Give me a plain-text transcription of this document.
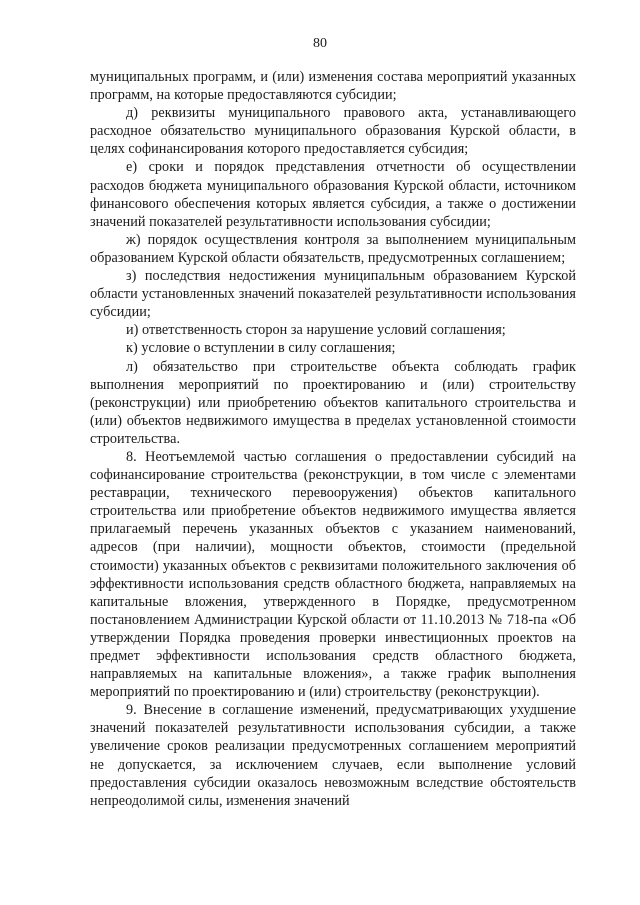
80

муниципальных программ, и (или) изменения состава мероприятий указанных программ, на которые предоставляются субсидии;

д) реквизиты муниципального правового акта, устанавливающего расходное обязательство муниципального образования Курской области, в целях софинансирования которого предоставляется субсидия;

е) сроки и порядок представления отчетности об осуществлении расходов бюджета муниципального образования Курской области, источником финансового обеспечения которых является субсидия, а также о достижении значений показателей результативности использования субсидии;

ж) порядок осуществления контроля за выполнением муниципальным образованием Курской области обязательств, предусмотренных соглашением;

з) последствия недостижения муниципальным образованием Курской области установленных значений показателей результативности использования субсидии;

и) ответственность сторон за нарушение условий соглашения;

к) условие о вступлении в силу соглашения;

л) обязательство при строительстве объекта соблюдать график выполнения мероприятий по проектированию и (или) строительству (реконструкции) или приобретению объектов капитального строительства и (или) объектов недвижимого имущества в пределах установленной стоимости строительства.

8. Неотъемлемой частью соглашения о предоставлении субсидий на софинансирование строительства (реконструкции, в том числе с элементами реставрации, технического перевооружения) объектов капитального строительства или приобретение объектов недвижимого имущества является прилагаемый перечень указанных объектов с указанием наименований, адресов (при наличии), мощности объектов, стоимости (предельной стоимости) указанных объектов с реквизитами положительного заключения об эффективности использования средств областного бюджета, направляемых на капитальные вложения, утвержденного в Порядке, предусмотренном постановлением Администрации Курской области от 11.10.2013 № 718-па «Об утверждении Порядка проведения проверки инвестиционных проектов на предмет эффективности использования средств областного бюджета, направляемых на капитальные вложения», а также график выполнения мероприятий по проектированию и (или) строительству (реконструкции).

9. Внесение в соглашение изменений, предусматривающих ухудшение значений показателей результативности использования субсидии, а также увеличение сроков реализации предусмотренных соглашением мероприятий не допускается, за исключением случаев, если выполнение условий предоставления субсидии оказалось невозможным вследствие обстоятельств непреодолимой силы, изменения значений
